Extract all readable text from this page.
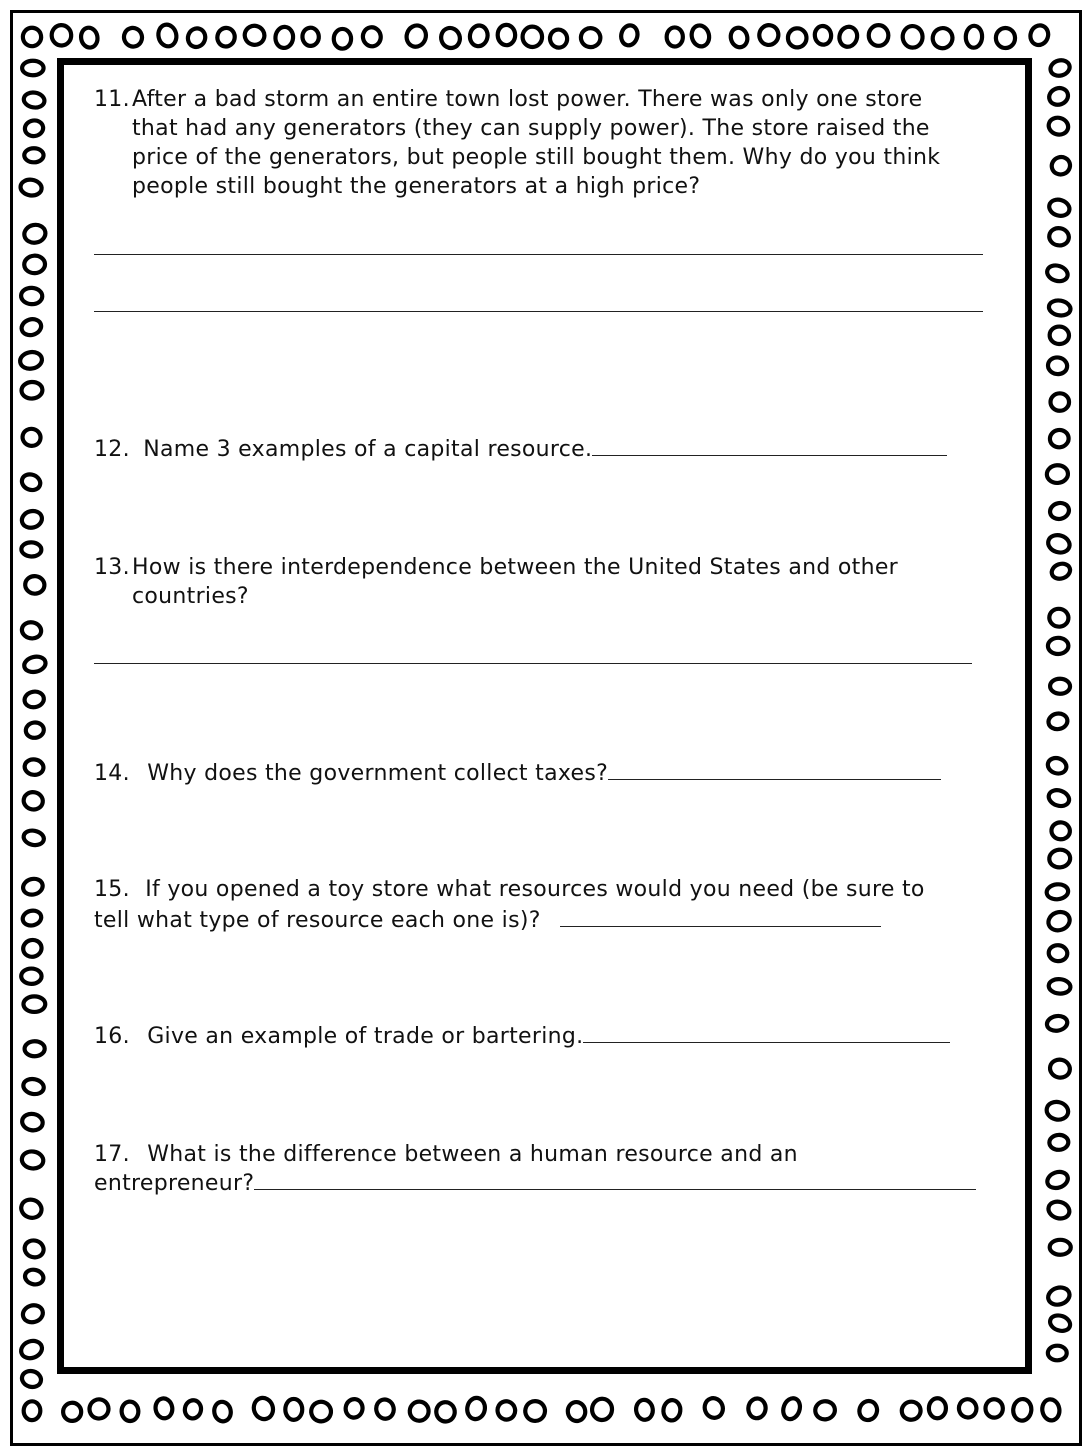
11. After a bad storm an entire town lost power. There was only one store
that had any generators (they can supply power). The store raised the
price of the generators, but people still bought them. Why do you think
people still bought the generators at a high price?
12. Name 3 examples of a capital resource.
13. How is there interdependence between the United States and other
countries?
14. Why does the government collect taxes?
15. If you opened a toy store what resources would you need (be sure to
tell what type of resource each one is)?
16. Give an example of trade or bartering.
17. What is the difference between a human resource and an
entrepreneur?
